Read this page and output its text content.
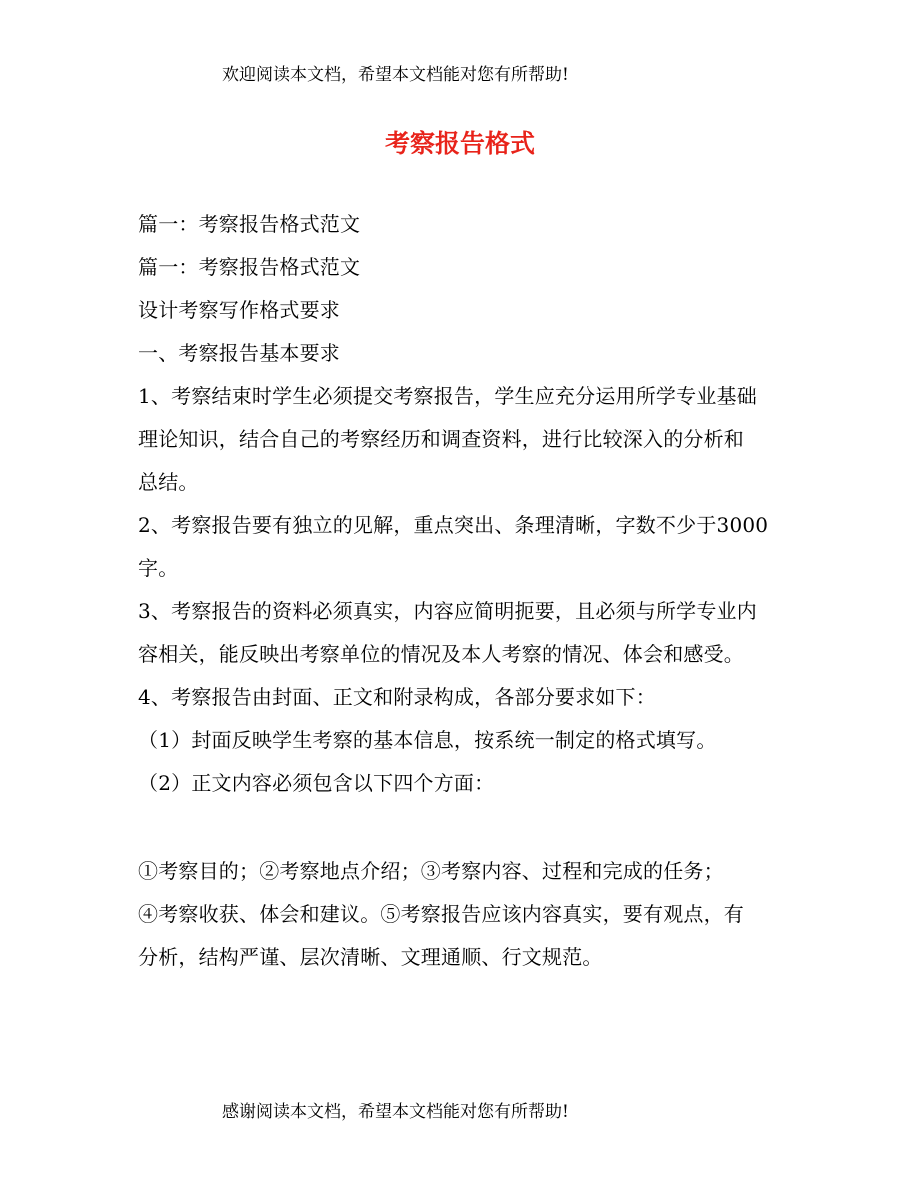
欢迎阅读本文档，希望本文档能对您有所帮助!
考察报告格式

篇一：考察报告格式范文

篇一：考察报告格式范文

设计考察写作格式要求

一、考察报告基本要求

1、考察结束时学生必须提交考察报告，学生应充分运用所学专业基础
理论知识，结合自己的考察经历和调查资料，进行比较深入的分析和
总结。

2、考察报告要有独立的见解，重点突出、条理清晰，字数不少于3000
字。

3、考察报告的资料必须真实，内容应简明扼要，且必须与所学专业内
容相关，能反映出考察单位的情况及本人考察的情况、体会和感受。

4、考察报告由封面、正文和附录构成，各部分要求如下：

（1）封面反映学生考察的基本信息，按系统一制定的格式填写。

（2）正文内容必须包含以下四个方面：

①考察目的；②考察地点介绍；③考察内容、过程和完成的任务；
④考察收获、体会和建议。⑤考察报告应该内容真实，要有观点，有
分析，结构严谨、层次清晰、文理通顺、行文规范。

感谢阅读本文档，希望本文档能对您有所帮助!
